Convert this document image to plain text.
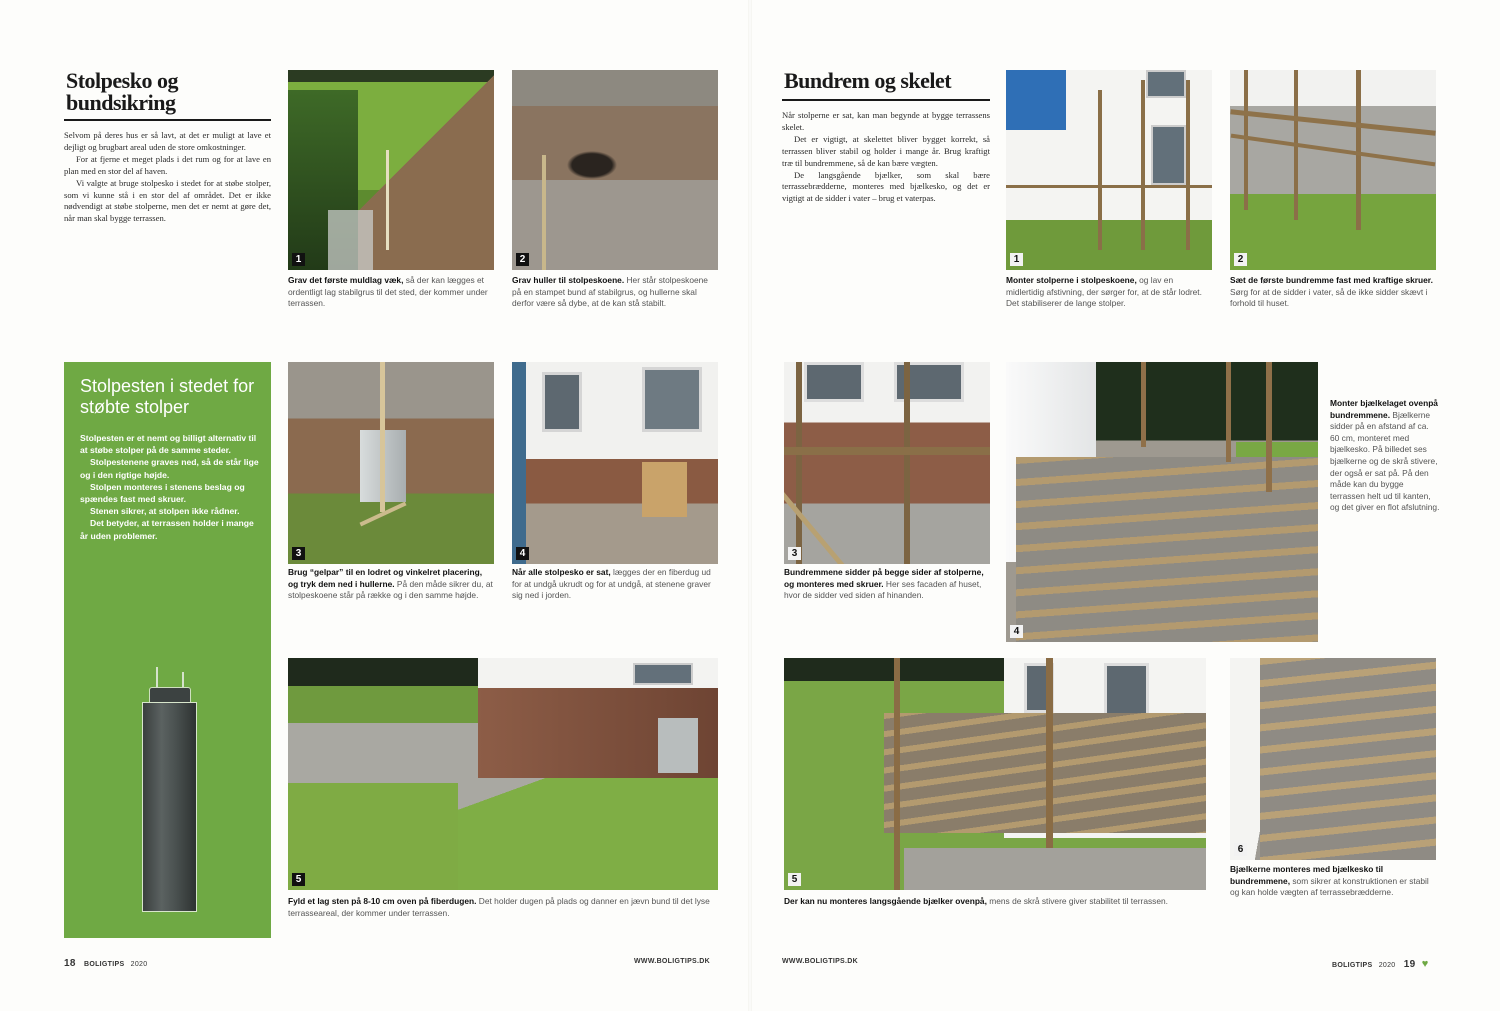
Stolpesko og bundsikring

Selvom på deres hus er så lavt, at det er muligt at lave et dejligt og brugbart areal uden de store omkostninger.

For at fjerne et meget plads i det rum og for at lave en plan med en stor del af haven.

Vi valgte at bruge stolpesko i stedet for at støbe stolper, som vi kunne stå i en stor del af området. Det er ikke nødvendigt at støbe stolperne, men det er nemt at gøre det, når man skal bygge terrassen.

1
Grav det første muldlag væk, så der kan lægges et ordentligt lag stabilgrus til det sted, der kommer under terrassen.
2
Grav huller til stolpeskoene. Her står stolpeskoene på en stampet bund af stabilgrus, og hullerne skal derfor være så dybe, at de kan stå stabilt.
Stolpesten i stedet for støbte stolper

Stolpesten er et nemt og billigt alternativ til at støbe stolper på de samme steder.

Stolpestenene graves ned, så de står lige og i den rigtige højde.

Stolpen monteres i stenens beslag og spændes fast med skruer.

Stenen sikrer, at stolpen ikke rådner.

Det betyder, at terrassen holder i mange år uden problemer.

3
Brug “gelpar” til en lodret og vinkelret placering, og tryk dem ned i hullerne. På den måde sikrer du, at stolpeskoene står på række og i den samme højde.
4
Når alle stolpesko er sat, lægges der en fiberdug ud for at undgå ukrudt og for at undgå, at stenene graver sig ned i jorden.
5
Fyld et lag sten på 8-10 cm oven på fiberdugen. Det holder dugen på plads og danner en jævn bund til det lyse terrasseareal, der kommer under terrassen.
18 BOLIGTIPS 2020	WWW.BOLIGTIPS.DK
Bundrem og skelet

Når stolperne er sat, kan man begynde at bygge terrassens skelet.

Det er vigtigt, at skelettet bliver bygget korrekt, så terrassen bliver stabil og holder i mange år. Brug kraftigt træ til bundremmene, så de kan bære vægten.

De langsgående bjælker, som skal bære terrassebrædderne, monteres med bjælkesko, og det er vigtigt at de sidder i vater – brug et vaterpas.

1
Monter stolperne i stolpeskoene, og lav en midlertidig afstivning, der sørger for, at de står lodret. Det stabiliserer de lange stolper.
2
Sæt de første bundremme fast med kraftige skruer. Sørg for at de sidder i vater, så de ikke sidder skævt i forhold til huset.
3
Bundremmene sidder på begge sider af stolperne, og monteres med skruer. Her ses facaden af huset, hvor de sidder ved siden af hinanden.
4
Monter bjælkelaget ovenpå bundremmene. Bjælkerne sidder på en afstand af ca. 60 cm, monteret med bjælkesko. På billedet ses bjælkerne og de skrå stivere, der også er sat på. På den måde kan du bygge terrassen helt ud til kanten, og det giver en flot afslutning.
5
Der kan nu monteres langsgående bjælker ovenpå, mens de skrå stivere giver stabilitet til terrassen.
6
Bjælkerne monteres med bjælkesko til bundremmene, som sikrer at konstruktionen er stabil og kan holde vægten af terrassebrædderne.
WWW.BOLIGTIPS.DK
BOLIGTIPS 2020 19 ♥
